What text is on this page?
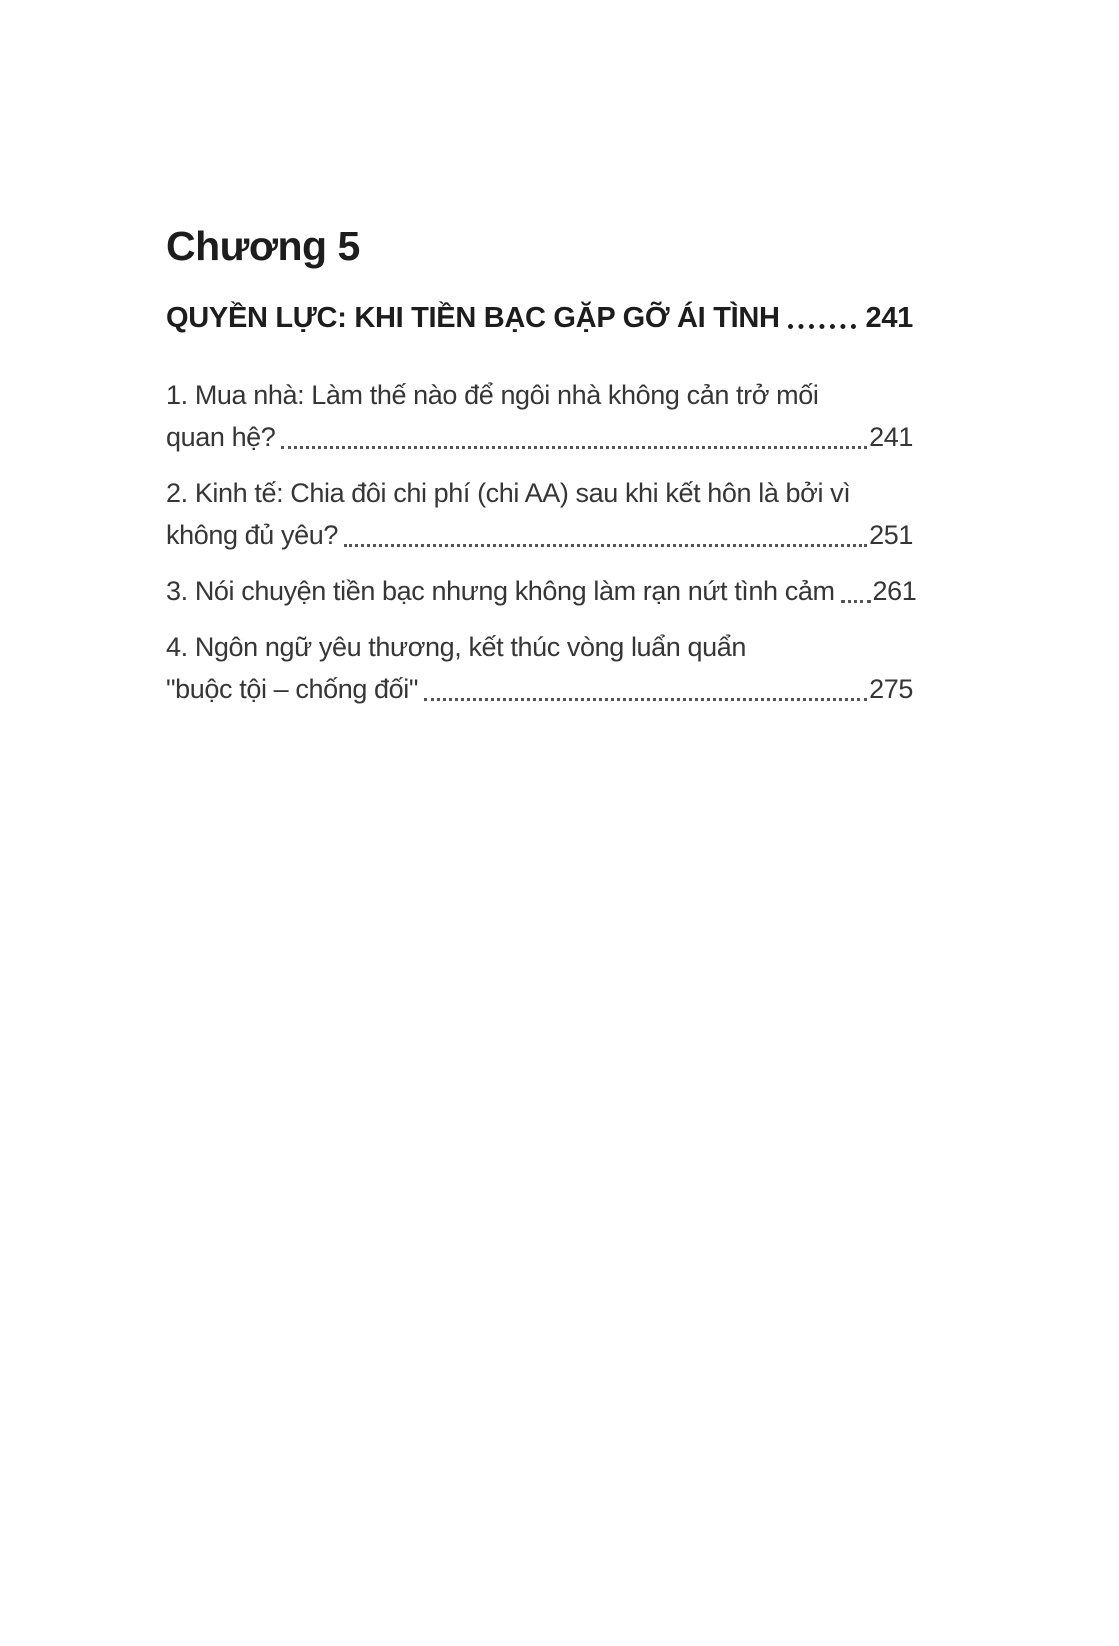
Chương 5
QUYỀN LỰC: KHI TIỀN BẠC GẶP GỠ ÁI TÌNH	241
1. Mua nhà: Làm thế nào để ngôi nhà không cản trở mối
quan hệ?	241
2. Kinh tế: Chia đôi chi phí (chi AA) sau khi kết hôn là bởi vì
không đủ yêu?	251
3. Nói chuyện tiền bạc nhưng không làm rạn nứt tình cảm 261
4. Ngôn ngữ yêu thương, kết thúc vòng luẩn quẩn
"buộc tội – chống đối"	275
